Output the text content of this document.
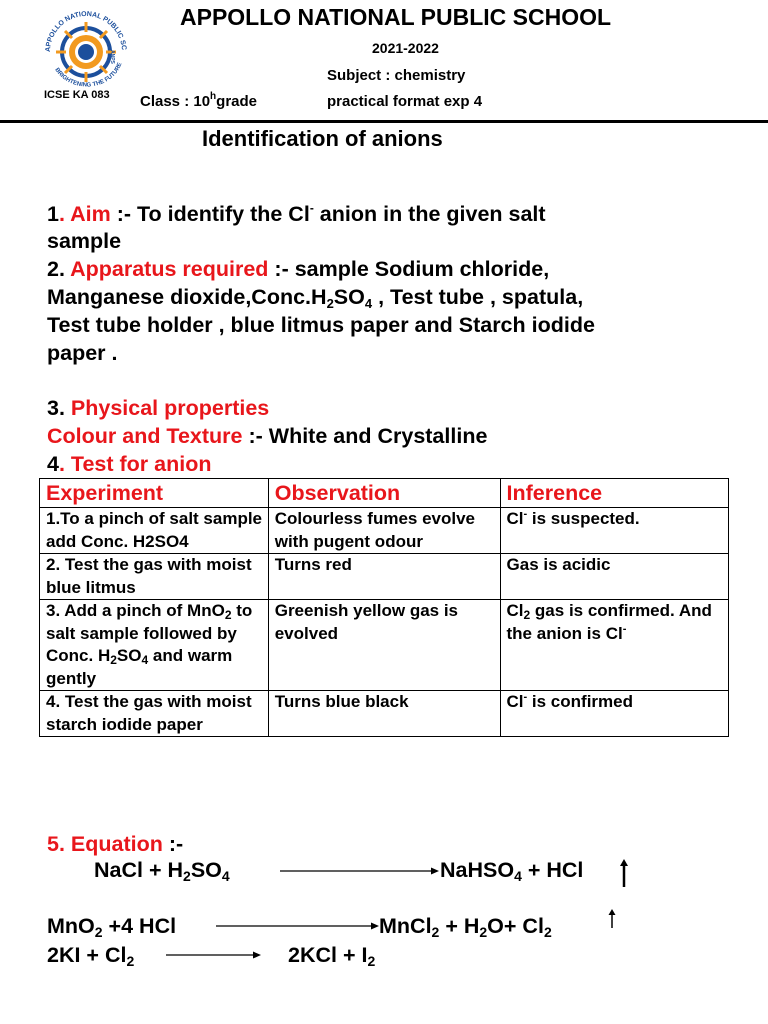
APPOLLO NATIONAL PUBLIC SC
BRIGHTENING THE FUTURE
ANPS
APPOLLO NATIONAL PUBLIC SCHOOL
2021-2022
Subject : chemistry
ICSE KA 083 Class : 10$^h$grade	practical format exp 4
Identification of anions
1. Aim :- To identify the Cl- anion in the given salt
sample
2. Apparatus required :- sample Sodium chloride,
Manganese $dioxide,Conc.H_2SO_4$ , Test tube , spatula,
Test tube holder , blue litmus paper and Starch iodide
paper .
3. Physical properties
Colour and Texture :- White and Crystalline
4. Test for anion
Experiment	Observation	Inference
1.To a pinch of salt sample add Conc. H2SO4	Colourless fumes evolve with pugent odour	Cl- is suspected.
2. Test the gas with moist blue litmus	Turns red	Gas is acidic
3. Add a pinch of MnO$_2$ to salt sample followed by Conc. $H_2SO_4$ and warm gently	Greenish yellow gas is evolved	$Cl_2$ gas is confirmed. And the anion is Cl-
4. Test the gas with moist starch iodide paper	Turns blue black	Cl- is confirmed
5. Equation :-
NaCl + $H_2SO_4$	NaHSO$_4$ + HCl
MnO$_2$ +4 HCl	MnCl$_2$ + $H_2O+ Cl_2$
$2KI + Cl_2$	$2KCl + I_2$
